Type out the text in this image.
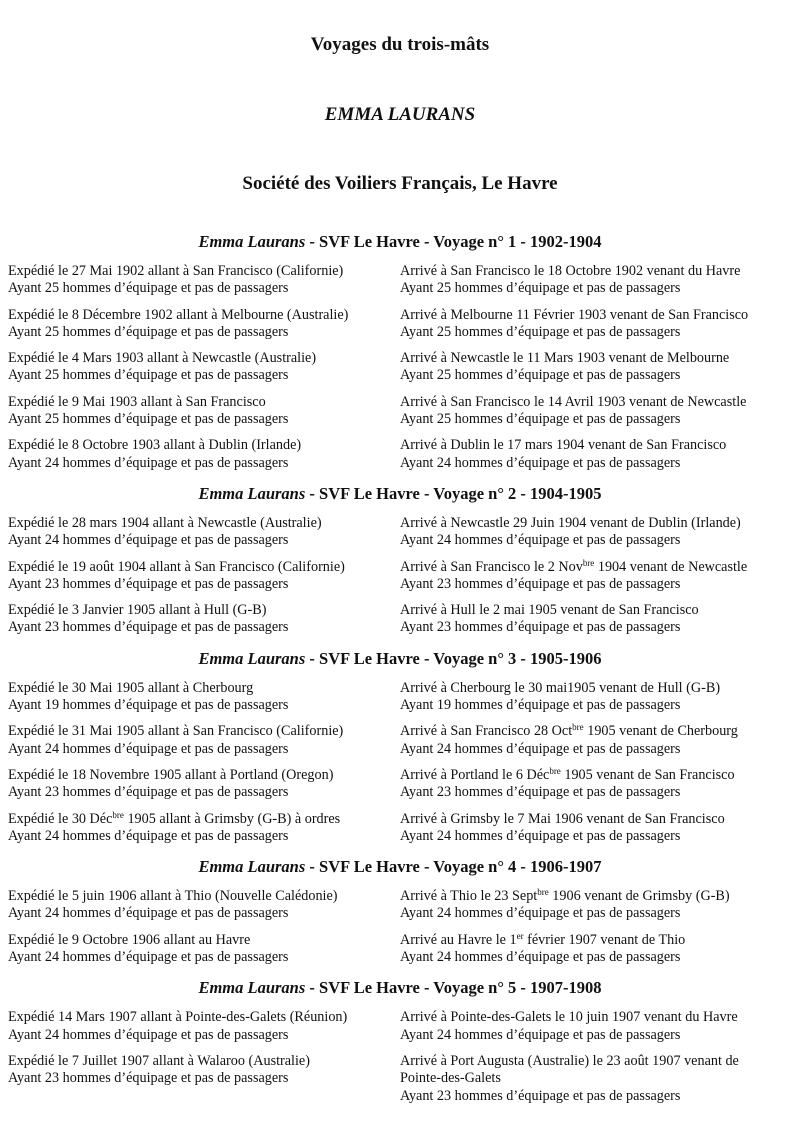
Voyages du trois-mâts
EMMA LAURANS
Société des Voiliers Français, Le Havre
Emma Laurans - SVF Le Havre - Voyage n° 1 - 1902-1904
Expédié le 27 Mai 1902 allant à San Francisco (Californie)
Ayant 25 hommes d’équipage et pas de passagers
Arrivé à San Francisco le 18 Octobre 1902 venant du Havre
Ayant 25 hommes d’équipage et pas de passagers
Expédié le 8 Décembre 1902 allant à Melbourne (Australie)
Ayant 25 hommes d’équipage et pas de passagers
Arrivé à Melbourne 11 Février 1903 venant de San Francisco
Ayant 25 hommes d’équipage et pas de passagers
Expédié le 4 Mars 1903 allant à Newcastle (Australie)
Ayant 25 hommes d’équipage et pas de passagers
Arrivé à Newcastle le 11 Mars 1903 venant de Melbourne
Ayant 25 hommes d’équipage et pas de passagers
Expédié le 9 Mai 1903 allant à San Francisco
Ayant 25 hommes d’équipage et pas de passagers
Arrivé à San Francisco le 14 Avril 1903 venant de Newcastle
Ayant 25 hommes d’équipage et pas de passagers
Expédié le 8 Octobre 1903 allant à Dublin (Irlande)
Ayant 24 hommes d’équipage et pas de passagers
Arrivé à Dublin le 17 mars 1904 venant de San Francisco
Ayant 24 hommes d’équipage et pas de passagers
Emma Laurans - SVF Le Havre - Voyage n° 2 - 1904-1905
Expédié le 28 mars 1904 allant à Newcastle (Australie)
Ayant 24 hommes d’équipage et pas de passagers
Arrivé à Newcastle 29 Juin 1904 venant de Dublin (Irlande)
Ayant 24 hommes d’équipage et pas de passagers
Expédié le 19 août 1904 allant à San Francisco (Californie)
Ayant 23 hommes d’équipage et pas de passagers
Arrivé à San Francisco le 2 Nov$^{bre}$ 1904 venant de Newcastle
Ayant 23 hommes d’équipage et pas de passagers
Expédié le 3 Janvier 1905 allant à Hull (G-B)
Ayant 23 hommes d’équipage et pas de passagers
Arrivé à Hull le 2 mai 1905 venant de San Francisco
Ayant 23 hommes d’équipage et pas de passagers
Emma Laurans - SVF Le Havre - Voyage n° 3 - 1905-1906
Expédié le 30 Mai 1905 allant à Cherbourg
Ayant 19 hommes d’équipage et pas de passagers
Arrivé à Cherbourg le 30 mai1905 venant de Hull (G-B)
Ayant 19 hommes d’équipage et pas de passagers
Expédié le 31 Mai 1905 allant à San Francisco (Californie)
Ayant 24 hommes d’équipage et pas de passagers
Arrivé à San Francisco 28 Oct$^{bre}$ 1905 venant de Cherbourg
Ayant 24 hommes d’équipage et pas de passagers
Expédié le 18 Novembre 1905 allant à Portland (Oregon)
Ayant 23 hommes d’équipage et pas de passagers
Arrivé à Portland le 6 Déc$^{bre}$ 1905 venant de San Francisco
Ayant 23 hommes d’équipage et pas de passagers
Expédié le 30 Déc$^{bre}$ 1905 allant à Grimsby (G-B) à ordres
Ayant 24 hommes d’équipage et pas de passagers
Arrivé à Grimsby le 7 Mai 1906 venant de San Francisco
Ayant 24 hommes d’équipage et pas de passagers
Emma Laurans - SVF Le Havre - Voyage n° 4 - 1906-1907
Expédié le 5 juin 1906 allant à Thio (Nouvelle Calédonie)
Ayant 24 hommes d’équipage et pas de passagers
Arrivé à Thio le 23 Sept$^{bre}$ 1906 venant de Grimsby (G-B)
Ayant 24 hommes d’équipage et pas de passagers
Expédié le 9 Octobre 1906 allant au Havre
Ayant 24 hommes d’équipage et pas de passagers
Arrivé au Havre le 1er février 1907 venant de Thio
Ayant 24 hommes d’équipage et pas de passagers
Emma Laurans - SVF Le Havre - Voyage n° 5 - 1907-1908
Expédié 14 Mars 1907 allant à Pointe-des-Galets (Réunion)
Ayant 24 hommes d’équipage et pas de passagers
Arrivé à Pointe-des-Galets le 10 juin 1907 venant du Havre
Ayant 24 hommes d’équipage et pas de passagers
Expédié le 7 Juillet 1907 allant à Walaroo (Australie)
Ayant 23 hommes d’équipage et pas de passagers
Arrivé à Port Augusta (Australie) le 23 août 1907 venant de
Pointe-des-Galets
Ayant 23 hommes d’équipage et pas de passagers
